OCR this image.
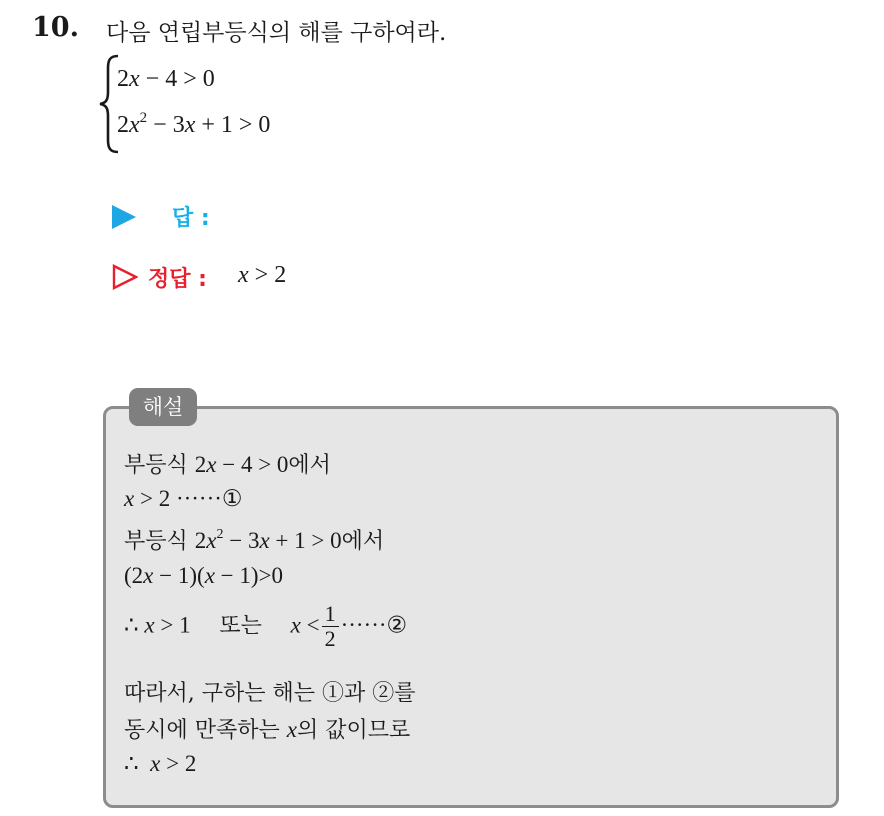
10. 다음 연립부등식의 해를 구하여라.
2x − 4 > 0
$2x^2 - 3x + 1 > 0$
답 :
정답 : x > 2
해설
부등식 2x − 4 > 0에서
x > 2 ······①
부등식 $2x^2 - 3x + 1 > 0$에서
(2x − 1)(x − 1)>0
∴ x > 1     또는 $x < \frac{1}{2}$ ······②
따라서, 구하는 해는 ①과 ②를
동시에 만족하는 x의 값이므로
∴  x > 2
